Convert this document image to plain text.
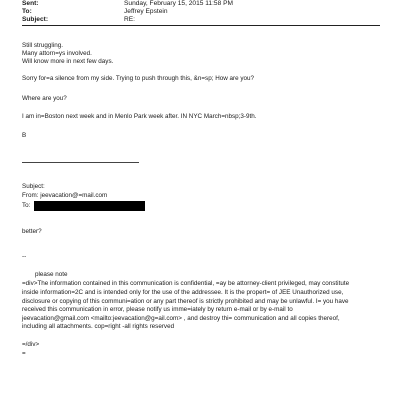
Sent:	Sunday, February 15, 2015 11:58 PM
To:	Jeffrey Epstein
Subject:	RE:
Still struggling.
Many attorn=ys involved.
Will know more in next few days.
Sorry for=a silence from my side. Trying to push through this, &n=sp; How are you?
Where are you?
I am in=Boston next week and in Menlo Park week after. IN NYC March=nbsp;3-9th.
B
Subject:
From: jeevacation@=mail.com
To:
better?
--
please note
=div>The information contained in this communication is confidential, =ay be attorney-client privileged, may constitute
inside information=2C and is intended only for the use of the addressee. It is the propert= of JEE Unauthorized use,
disclosure or copying of this communi=ation or any part thereof is strictly prohibited and may be unlawful. I= you have
received this communication in error, please notify us imme=iately by return e-mail or by e-mail to
jeevacation@gmail.com <mailto:jeevacation@g=ail.com> , and destroy thi= communication and all copies thereof,
including all attachments. cop=right -all rights reserved
=/div>
=
